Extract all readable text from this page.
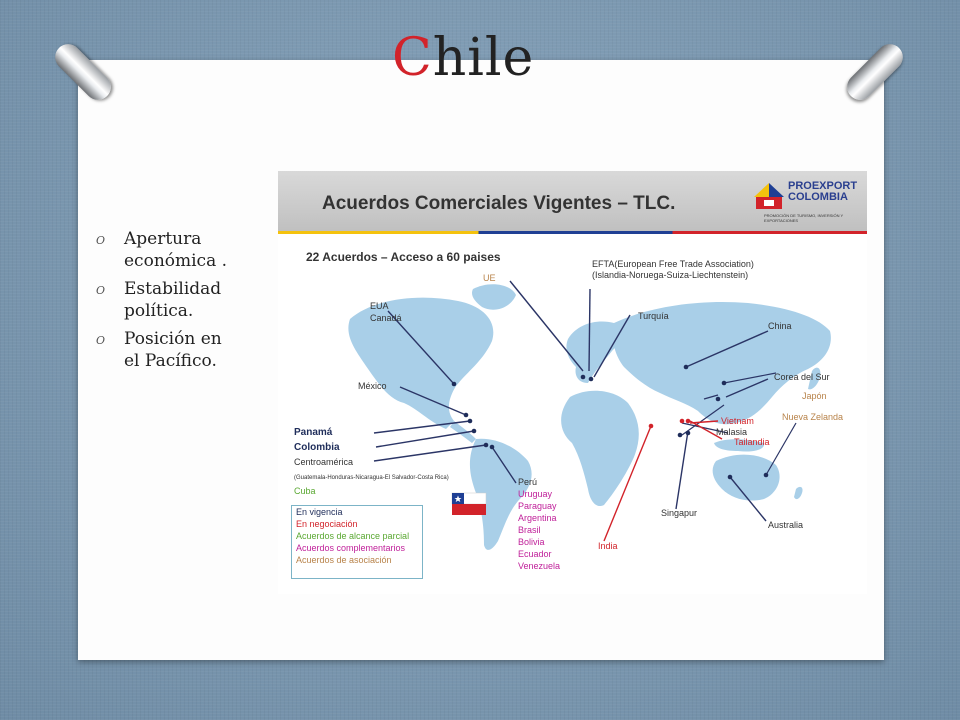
Chile
O Apertura económica .
O Estabilidad política.
O Posición en el Pacífico.
Acuerdos Comerciales Vigentes – TLC.
PROEXPORT
COLOMBIA
PROMOCIÓN DE TURISMO, INVERSIÓN Y EXPORTACIONES
22 Acuerdos – Acceso a 60 paises
UE
EFTA(European Free Trade Association)
(Islandia-Noruega-Suiza-Liechtenstein)
EUA
Canadá	Turquía
China
México
Corea del Sur
Japón
Vietnam
Malasia
Tailandia
Nueva Zelanda
Panamá
Colombia
Centroamérica
(Guatemala-Honduras-Nicaragua-El Salvador-Costa Rica)
Cuba
Perú
Uruguay
Paraguay
Argentina
Brasil
Bolivia
Ecuador
Venezuela
Singapur
Australia
India
En vigencia
En negociación
Acuerdos de alcance parcial
Acuerdos complementarios
Acuerdos de asociación
